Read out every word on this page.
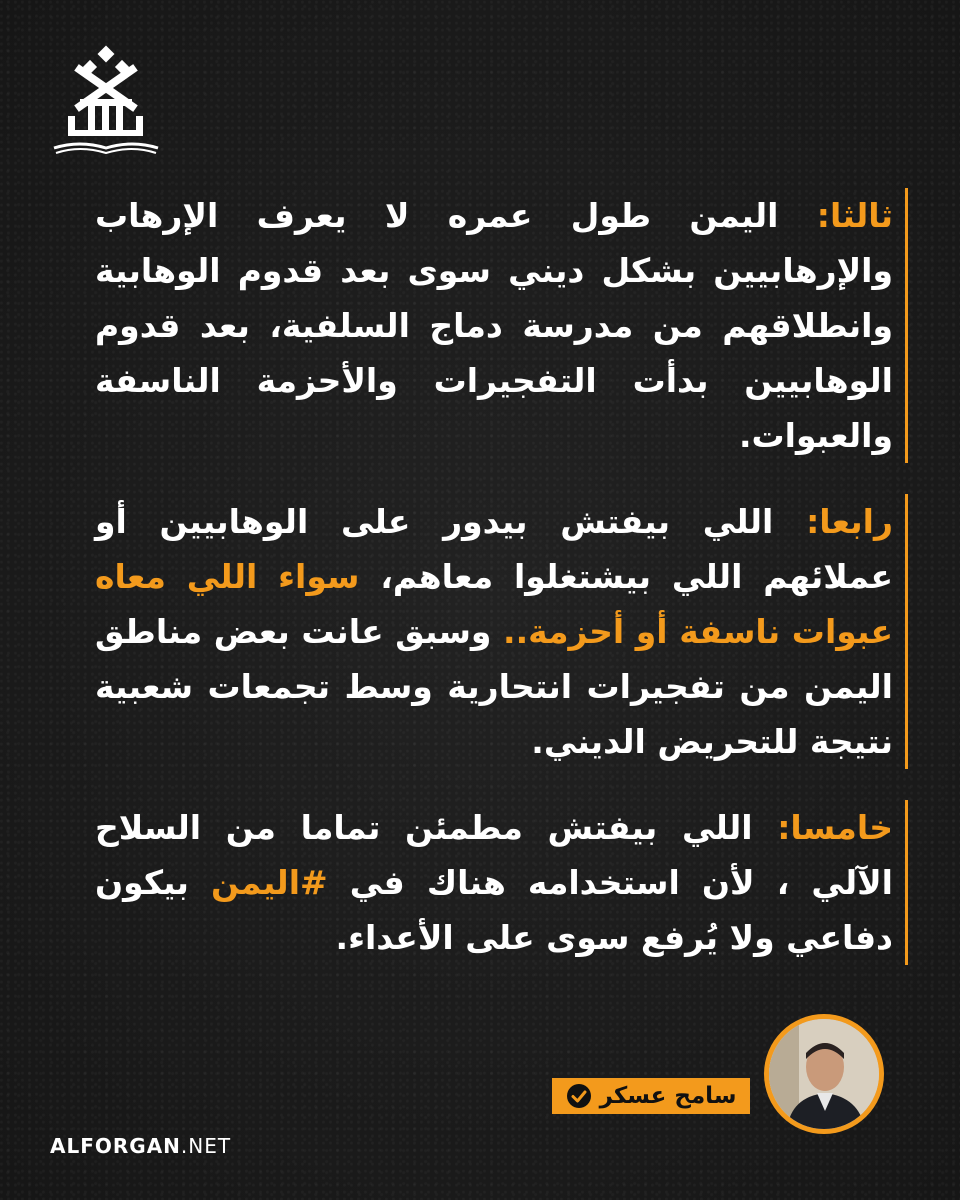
ثالثا: اليمن طول عمره لا يعرف الإرهاب والإرهابيين بشكل ديني سوى بعد قدوم الوهابية وانطلاقهم من مدرسة دماج السلفية، بعد قدوم الوهابيين بدأت التفجيرات والأحزمة الناسفة والعبوات.
رابعا: اللي بيفتش بيدور على الوهابيين أو عملائهم اللي بيشتغلوا معاهم، سواء اللي معاه عبوات ناسفة أو أحزمة.. وسبق عانت بعض مناطق اليمن من تفجيرات انتحارية وسط تجمعات شعبية نتيجة للتحريض الديني.
خامسا: اللي بيفتش مطمئن تماما من السلاح الآلي ، لأن استخدامه هناك في #اليمن بيكون دفاعي ولا يُرفع سوى على الأعداء.
سامح عسكر
ALFORGAN.NET
